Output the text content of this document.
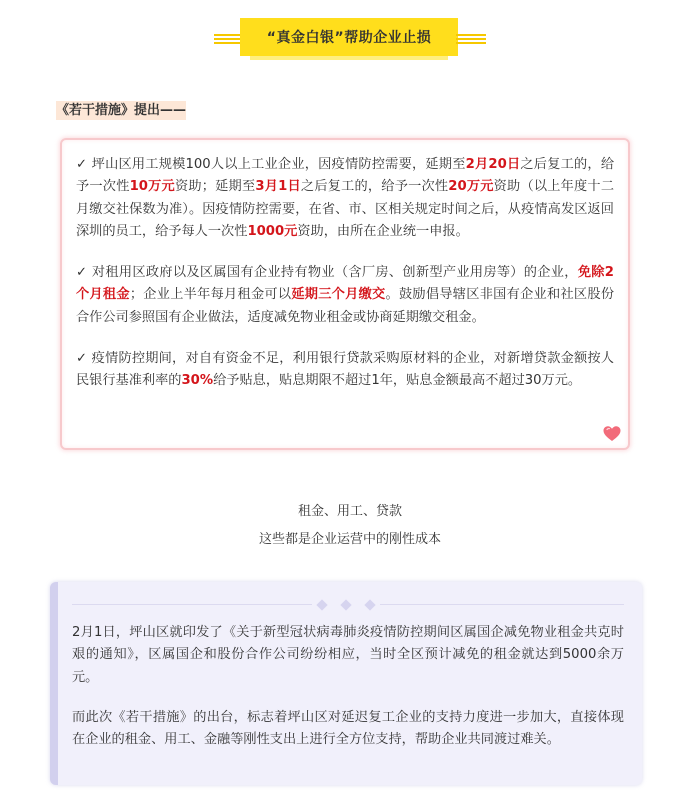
“真金白银”帮助企业止损
《若干措施》提出——

✓ 坪山区用工规模100人以上工业企业，因疫情防控需要，延期至2月20日之后复工的，给予一次性10万元资助；延期至3月1日之后复工的，给予一次性20万元资助（以上年度十二月缴交社保数为准）。因疫情防控需要，在省、市、区相关规定时间之后，从疫情高发区返回深圳的员工，给予每人一次性1000元资助，由所在企业统一申报。

✓ 对租用区政府以及区属国有企业持有物业（含厂房、创新型产业用房等）的企业，免除2个月租金；企业上半年每月租金可以延期三个月缴交。鼓励倡导辖区非国有企业和社区股份合作公司参照国有企业做法，适度减免物业租金或协商延期缴交租金。

✓ 疫情防控期间，对自有资金不足，利用银行贷款采购原材料的企业，对新增贷款金额按人民银行基准利率的30%给予贴息，贴息期限不超过1年，贴息金额最高不超过30万元。

租金、用工、贷款
这些都是企业运营中的刚性成本

2月1日，坪山区就印发了《关于新型冠状病毒肺炎疫情防控期间区属国企减免物业租金共克时艰的通知》，区属国企和股份合作公司纷纷相应，当时全区预计减免的租金就达到5000余万元。

而此次《若干措施》的出台，标志着坪山区对延迟复工企业的支持力度进一步加大，直接体现在企业的租金、用工、金融等刚性支出上进行全方位支持，帮助企业共同渡过难关。
